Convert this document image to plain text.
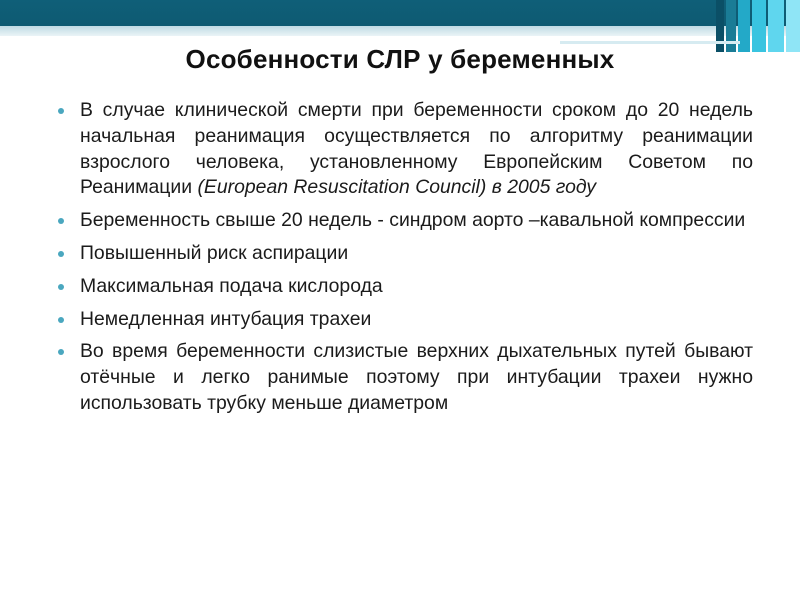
Особенности СЛР у беременных
В случае клинической смерти при беременности сроком до 20 недель начальная реанимация осуществляется по алгоритму реанимации взрослого человека, установленному Европейским Советом по Реанимации (European Resuscitation Council) в 2005 году
Беременность свыше 20 недель - синдром аорто –кавальной компрессии
Повышенный риск аспирации
Максимальная подача кислорода
Немедленная интубация трахеи
Во время беременности слизистые верхних дыхательных путей бывают отёчные и легко ранимые поэтому при интубации трахеи нужно использовать трубку меньше диаметром
